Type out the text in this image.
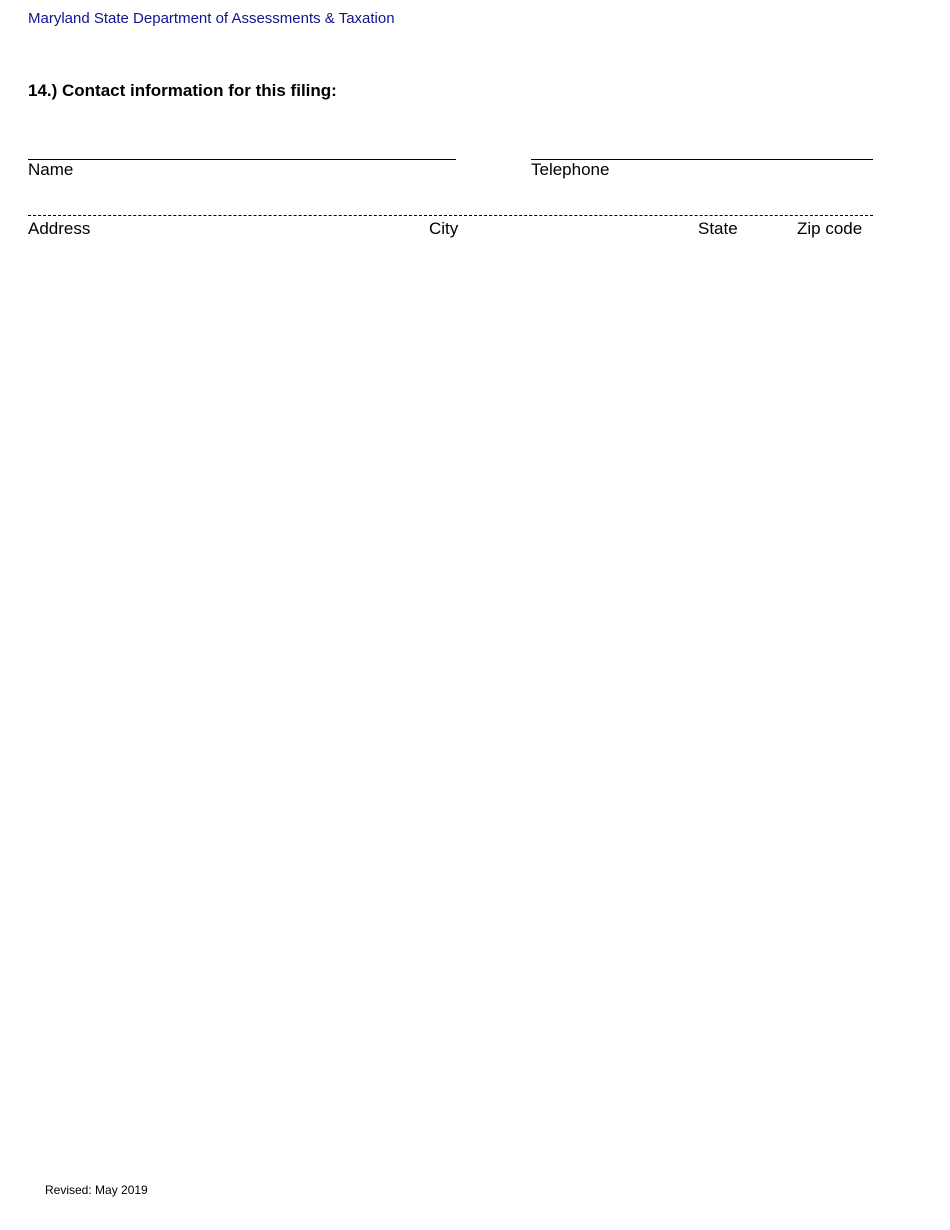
Maryland State Department of Assessments & Taxation
14.) Contact information for this filing:
Name	Telephone
Address	City	State	Zip code
Revised: May 2019
